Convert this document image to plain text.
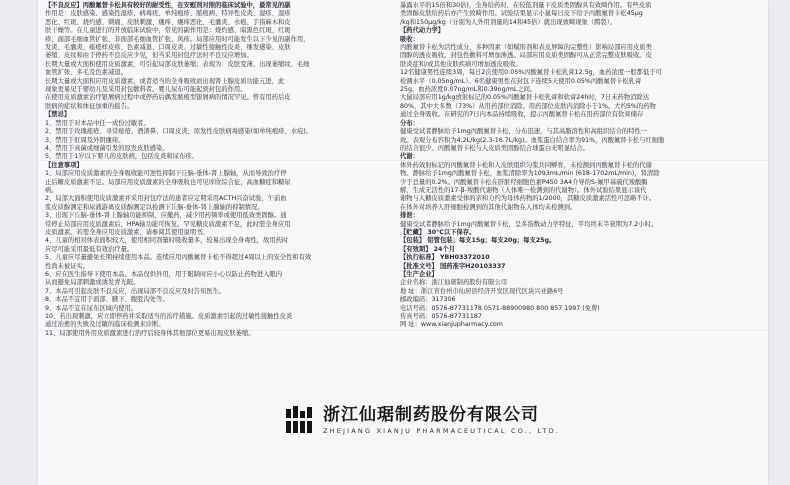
【不良反应】丙酸氟替卡松具有较好的耐受性，在安慰剂对照的临床试验中，最常见的副
作用是：皮肤感染、感染性湿疹、病毒疣、单纯疱疹、脓疱病、特异性皮炎、湿疹、湿疹
恶化、红斑、烧灼感、刺痛、皮肤刺激、瘙痒、瘙痒恶化、毛囊炎、水疱、手指麻木和皮
肤干燥等。在儿童进行的开放临床试验中，常见的副作用是：烧灼感、暗黑色红斑、红斑
疹、面部毛细血管扩张、非面部毛细血管扩张、风疹。局部应用时可能发生以下少见的副作用，
发炎、毛囊炎、痤疮样皮疹、色素减退、口周皮炎、过敏性接触性皮炎、继发感染、皮肤
萎缩、皮纹和由于停药不良反应少见，但当采用封包疗法时不良反应增加。
长期大量或大面积使用皮质激素，可引起局部皮肤萎缩；表现为：皮肤变薄、出现萎缩纹、毛细
血管扩张、多毛及色素减退。
长期大量或大面积应用皮质激素，或者适当的全身吸收而出现肾上腺皮质功能亢进，此
现象更易见于婴幼儿及采用封包敷料者。婴儿尿布可能起到封包的作用。
在使用皮质激素治疗银屑病过程中或停药后偶发脓疱型银屑病的情况罕见。曾有用药后皮
肤病的症状和体征加重的报告。
【禁忌】
1、禁用于对本品中任一成份过敏者。
2、禁用于玫瑰痤疮、寻常痤疮、酒渣鼻、口周皮炎、原发性皮肤病毒感染(如单纯疱疹、水痘)。
3、禁用于肛周及外阴瘙痒。
4、禁用于真菌或细菌引发的原发皮肤感染。
5、禁用于1岁以下婴儿的皮肤病，包括皮炎和尿布疹。
【注意事项】
1、局部应用皮质激素的全身吸收能可逆性抑制下丘脑-垂体-肾上腺轴，从而导致治疗停
止后糖皮质激素不足。局部应用皮质激素的全身吸收也可见库欣综合征，高血糖症和糖尿
病。
2、局部大面积使用皮质激素并采用封包疗法的患者应定期采用ACTH兴奋试验、午前血
浆皮质醇测定和尿液游离皮质醇测定以检测下丘脑-垂体-肾上腺轴的抑制情况。
3、出现下丘脑-垂体-肾上腺轴功能抑制，应撤药，减少用药频率或使用低效类固醇。通
常停止局部应用皮质激素后，HPA轴功能可恢复。罕见糖皮质激素不足，此时需全身应用
皮质激素。若需全身应用皮质激素，请参阅其使用说明书。
4、儿童的相对体表面积较大，使用相同剂量时吸收量多，较易出现全身毒性，故用药时
应尽可能采用最低有效治疗量。
5、儿童应尽量避免长期持续使用本品。连续应用丙酸氟替卡松不得超过4周以上的安全性和有效
性尚未被证实。
6、应在医生指导下使用本品。本品仅供外用，用于眼睛时应小心以防止药物进入眼内
从而避免局部刺激或诱发青光眼。
7、本品可引起皮肤不良反应，出现局部不良反应及时告知医生。
8、本品不宜用于面部、腋下、腹股沟处等。
9、本品不宜在尿布区域内使用。
10、若出现刺激，应立即停药并采取适当的治疗措施。皮质激素引起的过敏性接触性皮炎
通过治愈的失败及过敏的临床检测来诊断。
11、局部使用外用皮质激素进行治疗后较身体其他部位更易出现皮肤萎缩。
暴露水平的15倍和30倍)，全身给药时，在较低剂量下皮质类固醇具有致畸作用。有些皮质
类固醇皮肤给药后亦产生致畸作用。试验结果显示小鼠每日皮下给予丙酸氟替卡松45μg
/kg和150μg/kg（分别为人外用剂量的14和45倍）就出现致畸现象（腭裂）。
【药代动力学】
吸收：
丙酸氟替卡松为活性成分，多种因素（如赋形剂和表皮屏障的完整性）影响局部应用皮质类
固醇的透皮吸收。封包性敷料可增加渗透。局部应用皮质类固醇可从正常完整皮肤吸收。皮
肤炎症和/或其他皮肤疾病可增加透皮吸收。
12名健康男性连续3周，每日2次使用0.05%丙酸氟替卡松乳膏12.5g，血药浓度一般都低于可
检测水平（0.05ng/mL）。6名健康男性在封包下连续5天使用0.05%丙酸氟替卡松乳膏
25g，血药浓度0.07ng/mL和0.39ng/mL之间。
大鼠局部应用1g/kg放射标记的0.05%丙酸氟替卡松乳膏和软膏24h时，7日末药物消除达
80%，其中大多数（73%）从用药部位消除。用药部位皮肤内消除小于1%。大约5%的药物
通过全身吸收。在研究的7日内本品持续吸收，提示丙酸氟替卡松在用药部位有软膏储存
分布：
健康受试者静脉给予1mg丙酸氟替卡松，分布迅速，与其高脂溶性和高组织结合的特性一
致。表观分布容积为4.2L/kg(2.3-16.7L/kg)。血浆蛋白结合率为91%，丙酸氟替卡松与红细胞
的结合很少。丙酸氟替卡松与人皮质类固醇结合球蛋白无明显结合。
代谢：
体外药效射标记的丙酸氟替卡松和人皮肤组织匀浆共同孵育，未检测到丙酸氟替卡松的代谢
物。静脉给予1mg丙酸氟替卡松，血浆清除率为1093mL/min (618-1702mL/min)，肾清除
少于总量的0.2%。丙酸氟替卡松在肝脏经细胞色素P450 3A4介导的S-氟甲基硫代羧酸酶
解，生成无活性的17-β-羧酸代谢物（人体唯一检测到的代谢物）。体外试验结果显示该代
谢物与人糖皮质激素受体的亲和力约为母体药物的1/2000，其糖皮质激素活性可忽略不计。
在体外对培养人肝细胞检测到的其他代谢物在人体均未检测到。
排泄：
健康受试者静脉给予1mg丙酸氟替卡松，呈多指数动力学特征，平均终末半衰期为7.2小时。
【贮藏】 30°C以下保存。
【包装】 铝管包装；每支15g；每支20g；每支25g。
【有效期】 24个月
【执行标准】 YBH03372010
【批准文号】 国药准字H20103337
【生产企业】
企业名称：浙江仙琚制药股份有限公司
地 址：浙江省台州市仙居县经济开发区现代区块兴业路6号
邮政编码：317306
电话号码：0576-87731178 0571-88900980 800 857 1997 (免费)
传真号码：0576-87731187
网 址：www.xianjupharmacy.com
浙江仙琚制药股份有限公司
ZHEJIANG XIANJU PHARMACEUTICAL CO., LTD.
